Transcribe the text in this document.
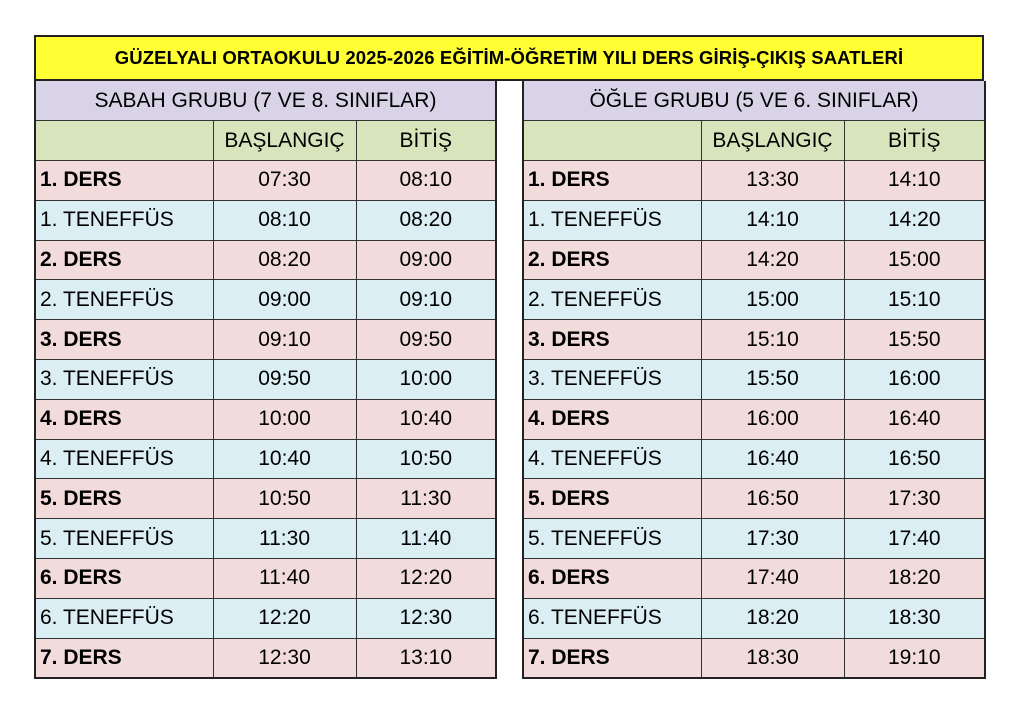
GÜZELYALI ORTAOKULU 2025-2026 EĞİTİM-ÖĞRETİM YILI DERS GİRİŞ-ÇIKIŞ SAATLERİ
SABAH GRUBU (7 VE 8. SINIFLAR)		
	BAŞLANGIÇ	BİTİŞ
1. DERS	07:30	08:10
1. TENEFFÜS	08:10	08:20
2. DERS	08:20	09:00
2. TENEFFÜS	09:00	09:10
3. DERS	09:10	09:50
3. TENEFFÜS	09:50	10:00
4. DERS	10:00	10:40
4. TENEFFÜS	10:40	10:50
5. DERS	10:50	11:30
5. TENEFFÜS	11:30	11:40
6. DERS	11:40	12:20
6. TENEFFÜS	12:20	12:30
7. DERS	12:30	13:10
ÖĞLE GRUBU (5 VE 6. SINIFLAR)		
	BAŞLANGIÇ	BİTİŞ
1. DERS	13:30	14:10
1. TENEFFÜS	14:10	14:20
2. DERS	14:20	15:00
2. TENEFFÜS	15:00	15:10
3. DERS	15:10	15:50
3. TENEFFÜS	15:50	16:00
4. DERS	16:00	16:40
4. TENEFFÜS	16:40	16:50
5. DERS	16:50	17:30
5. TENEFFÜS	17:30	17:40
6. DERS	17:40	18:20
6. TENEFFÜS	18:20	18:30
7. DERS	18:30	19:10
